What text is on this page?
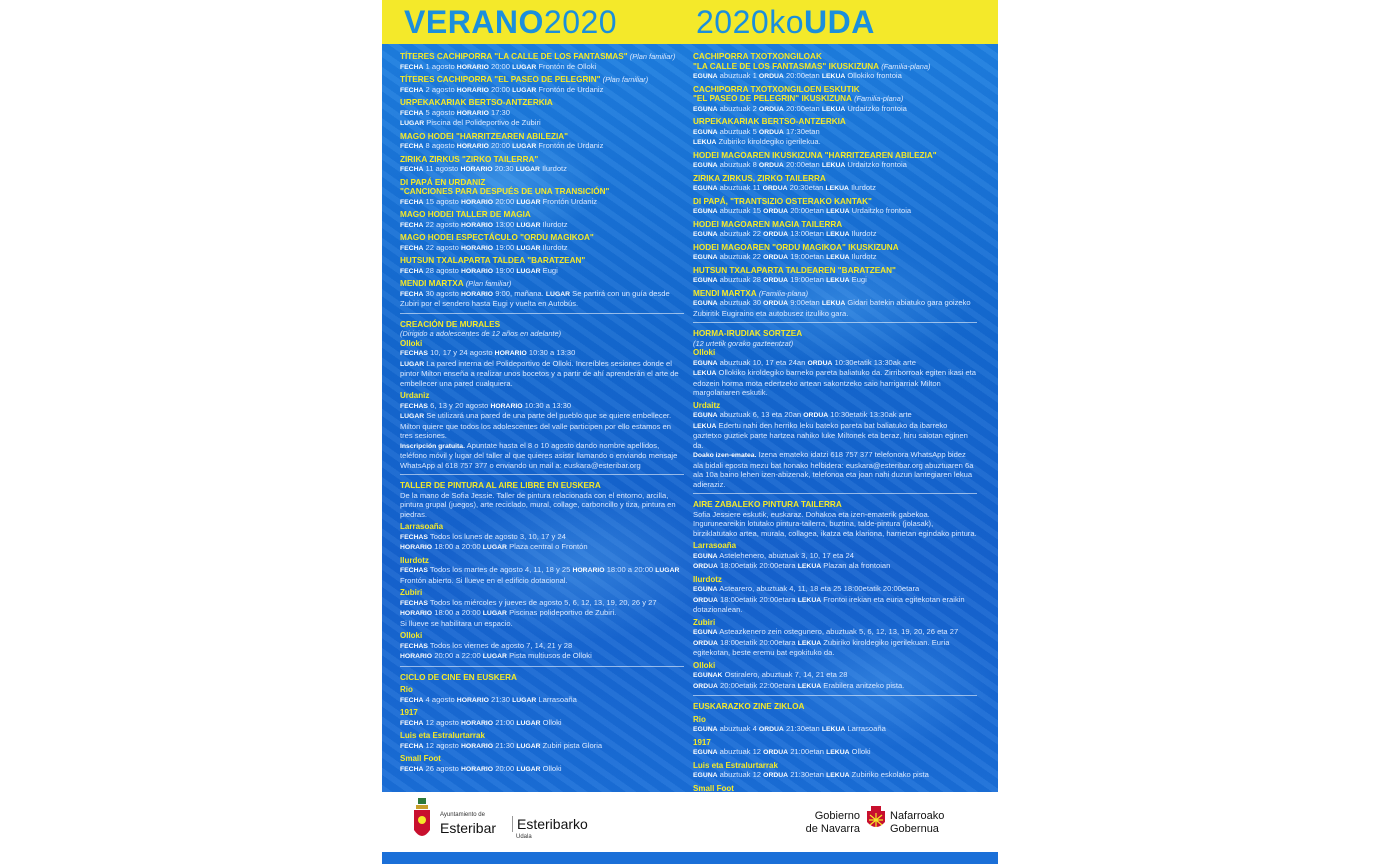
VERANO2020 2020koUDA
TÍTERES CACHIPORRA "LA CALLE DE LOS FANTASMAS" (Plan familiar)
FECHA 1 agosto HORARIO 20:00 LUGAR Frontón de Olloki
TÍTERES CACHIPORRA "EL PASEO DE PELEGRIN" (Plan familiar)
FECHA 2 agosto HORARIO 20:00 LUGAR Frontón de Urdaniz
URPEKAKARIAK BERTSO-ANTZERKIA
FECHA 5 agosto HORARIO 17:30
LUGAR Piscina del Polideportivo de Zubiri
MAGO HODEI "HARRITZEAREN ABILEZIA"
FECHA 8 agosto HORARIO 20:00 LUGAR Frontón de Urdaniz
ZIRIKA ZIRKUS "ZIRKO TAILERRA"
FECHA 11 agosto HORARIO 20:30 LUGAR Ilurdotz
DI PAPÁ EN URDANIZ
"CANCIONES PARA DESPUÉS DE UNA TRANSICIÓN"
FECHA 15 agosto HORARIO 20:00 LUGAR Frontón Urdaniz
MAGO HODEI TALLER DE MAGIA
FECHA 22 agosto HORARIO 13:00 LUGAR Ilurdotz
MAGO HODEI ESPECTÁCULO "ORDU MAGIKOA"
FECHA 22 agosto HORARIO 19:00 LUGAR Ilurdotz
HUTSUN TXALAPARTA TALDEA "BARATZEAN"
FECHA 28 agosto HORARIO 19:00 LUGAR Eugi
MENDI MARTXA (Plan familiar)
FECHA 30 agosto HORARIO 9:00, mañana. LUGAR Se partirá con un guía desde Zubiri por el sendero hasta Eugi y vuelta en Autobús.
CREACIÓN DE MURALES
(Dirigido a adolescentes de 12 años en adelante)
Olloki
FECHAS 10, 17 y 24 agosto HORARIO 10:30 a 13:30
LUGAR La pared interna del Polideportivo de Olloki. Increíbles sesiones donde el pintor Milton enseña a realizar unos bocetos y a partir de ahí aprenderán el arte de embellecer una pared cualquiera.
Urdaniz
FECHAS 6, 13 y 20 agosto HORARIO 10:30 a 13:30
LUGAR Se utilizará una pared de una parte del pueblo que se quiere embellecer. Milton quiere que todos los adolescentes del valle participen por ello estamos en tres sesiones.
Inscripción gratuita. Apuntate hasta el 8 o 10 agosto dando nombre apellidos, teléfono móvil y lugar del taller al que quieres asistir llamando o enviando mensaje WhatsApp al 618 757 377 o enviando un mail a: euskara@esteribar.org
TALLER DE PINTURA AL AIRE LIBRE EN EUSKERA
De la mano de Sofia Jessie. Taller de pintura relacionada con el entorno, arcilla, pintura grupal (juegos), arte reciclado, mural, collage, carboncillo y tiza, pintura en piedras.
Larrasoaña
FECHAS Todos los lunes de agosto 3, 10, 17 y 24
HORARIO 18:00 a 20:00 LUGAR Plaza central o Frontón
Ilurdotz
FECHAS Todos los martes de agosto 4, 11, 18 y 25 HORARIO 18:00 a 20:00 LUGAR Frontón abierto. Si llueve en el edificio dotacional.
Zubiri
FECHAS Todos los miércoles y jueves de agosto 5, 6, 12, 13, 19, 20, 26 y 27
HORARIO 18:00 a 20:00 LUGAR Piscinas polideportivo de Zubiri.
Si llueve se habilitara un espacio.
Olloki
FECHAS Todos los viernes de agosto 7, 14, 21 y 28
HORARIO 20:00 a 22:00 LUGAR Pista multiusos de Olloki
CICLO DE CINE EN EUSKERA
Rio
FECHA 4 agosto HORARIO 21:30 LUGAR Larrasoaña
1917
FECHA 12 agosto HORARIO 21:00 LUGAR Olloki
Luis eta Estralurtarrak
FECHA 12 agosto HORARIO 21:30 LUGAR Zubiri pista Gloria
Small Foot
FECHA 26 agosto HORARIO 20:00 LUGAR Olloki
CACHIPORRA TXOTXONGILOAK
"LA CALLE DE LOS FANTASMAS" IKUSKIZUNA (Familia-plana)
EGUNA abuztuak 1 ORDUA 20:00etan LEKUA Ollokiko frontoia
CACHIPORRA TXOTXONGILOEN ESKUTIK
"EL PASEO DE PELEGRIN" IKUSKIZUNA (Familia-plana)
EGUNA abuztuak 2 ORDUA 20:00etan LEKUA Urdaitzko frontoia
URPEKAKARIAK BERTSO-ANTZERKIA
EGUNA abuztuak 5 ORDUA 17:30etan
LEKUA Zubiriko kiroldegiko igerilekua.
HODEI MAGOAREN IKUSKIZUNA "HARRITZEAREN ABILEZIA"
EGUNA abuztuak 8 ORDUA 20:00etan LEKUA Urdaitzko frontoia
ZIRIKA ZIRKUS, ZIRKO TAILERRA
EGUNA abuztuak 11 ORDUA 20:30etan LEKUA Ilurdotz
DI PAPÁ, "TRANTSIZIO OSTERAKO KANTAK"
EGUNA abuztuak 15 ORDUA 20:00etan LEKUA Urdaitzko frontoia
HODEI MAGOAREN MAGIA TAILERRA
EGUNA abuztuak 22 ORDUA 13:00etan LEKUA Ilurdotz
HODEI MAGOAREN "ORDU MAGIKOA" IKUSKIZUNA
EGUNA abuztuak 22 ORDUA 19:00etan LEKUA Ilurdotz
HUTSUN TXALAPARTA TALDEAREN "BARATZEAN"
EGUNA abuztuak 28 ORDUA 19:00etan LEKUA Eugi
MENDI MARTXA (Familia-plana)
EGUNA abuztuak 30 ORDUA 9:00etan LEKUA Gidari batekin abiatuko gara goizeko Zubiritik Eugiraino eta autobusez itzuliko gara.
HORMA-IRUDIAK SORTZEA
(12 urtetik gorako gazteentzat)
Olloki
EGUNA abuztuak 10, 17 eta 24an ORDUA 10:30etatik 13:30ak arte
LEKUA Ollokiko kiroldegiko barneko pareta baliatuko da. Zirriborroak egiten ikasi eta edozein horma mota edertzeko artean sakontzeko saio harrigarriak Milton margolariaren eskutik.
Urdaitz
EGUNA abuztuak 6, 13 eta 20an ORDUA 10:30etatik 13:30ak arte
LEKUA Edertu nahi den herriko leku bateko pareta bat baliatuko da ibarreko gaztetxo guztiek parte hartzea nahiko luke Miltonek eta beraz, hiru saiotan eginen da.
Doako izen-ematea. Izena emateko idatzi 618 757 377 telefonora WhatsApp bidez ala bidali eposta mezu bat honako helbidera: euskara@esteribar.org abuztuaren 6a ala 10a baino lehen izen-abizenak, telefonoa eta joan nahi duzun lantegiaren lekua adieraziz.
AIRE ZABALEKO PINTURA TAILERRA
Sofia Jessiere eskutik, euskaraz. Dohakoa eta izen-ematerik gabekoa. Inguruneareikin lotutako pintura-tailerra, buztina, talde-pintura (jolasak), birziklatutako artea, murala, collagea, ikatza eta klariona, harrietan egindako pintura.
Larrasoaña
EGUNA Astelehenero, abuztuak 3, 10, 17 eta 24
ORDUA 18:00etatik 20:00etara LEKUA Plazan ala frontoian
Ilurdotz
EGUNA Astearero, abuztuak 4, 11, 18 eta 25 18:00etatik 20:00etara
ORDUA 18:00etatik 20:00etara LEKUA Frontoi irekian eta euria egitekotan eraikin dotazionalean.
Zubiri
EGUNA Asteazkenero zein ostegunero, abuztuak 5, 6, 12, 13, 19, 20, 26 eta 27 ORDUA 18:00etatik 20:00etara LEKUA Zubiriko kiroldegiko igerilekuan. Euria egitekotan, beste eremu bat egokituko da.
Olloki
EGUNAK Ostiralero, abuztuak 7, 14, 21 eta 28
ORDUA 20:00etatik 22:00etara LEKUA Erabilera anitzeko pista.
EUSKARAZKO ZINE ZIKLOA
Rio
EGUNA abuztuak 4 ORDUA 21:30etan LEKUA Larrasoaña
1917
EGUNA abuztuak 12 ORDUA 21:00etan LEKUA Olloki
Luis eta Estralurtarrak
EGUNA abuztuak 12 ORDUA 21:30etan LEKUA Zubiriko eskolako pista
Small Foot
Ayuntamiento de
Esteribar	Esteribarko
Udala
Gobierno
de Navarra
Nafarroako
Gobernua
